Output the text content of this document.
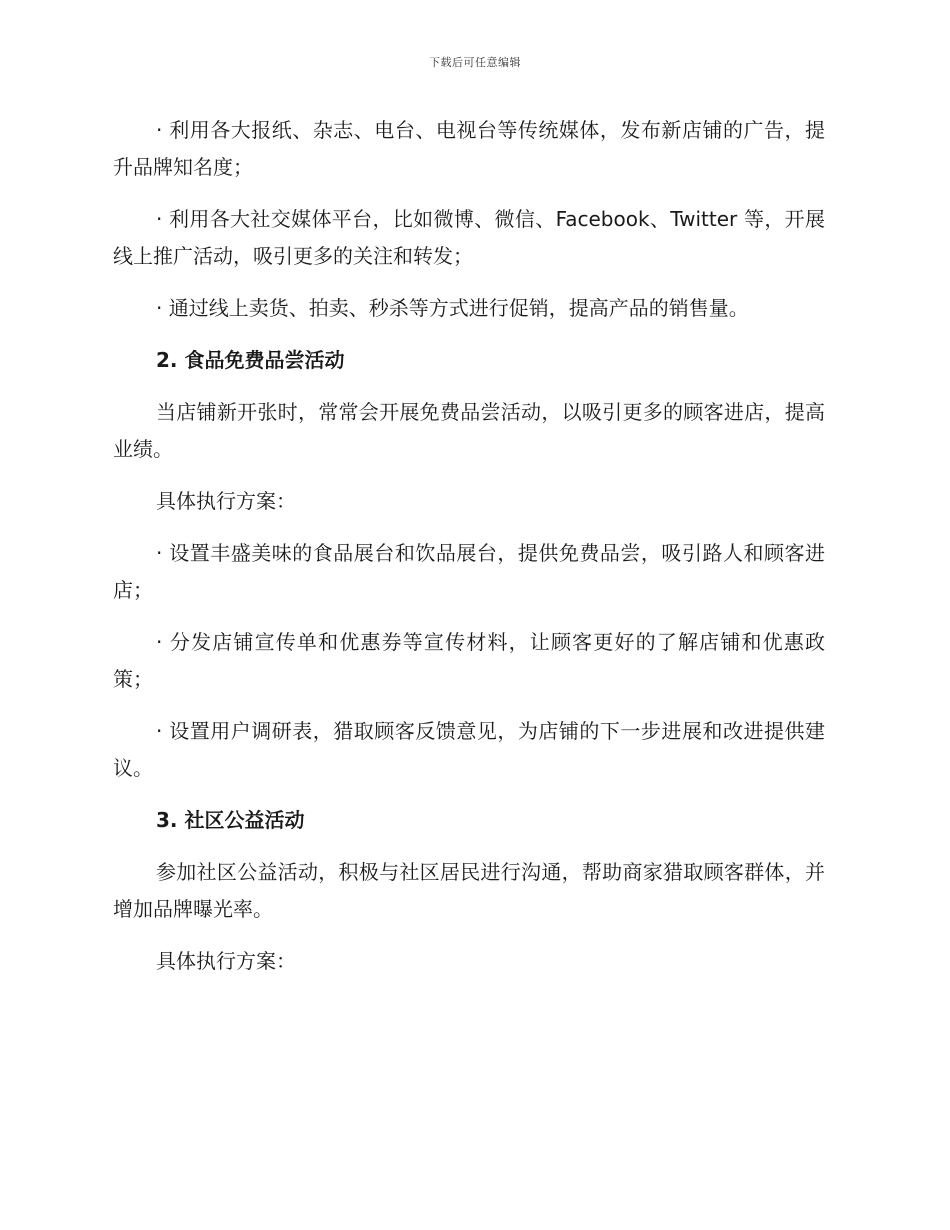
下载后可任意编辑

· 利用各大报纸、杂志、电台、电视台等传统媒体，发布新店铺的广告，提升品牌知名度；

· 利用各大社交媒体平台，比如微博、微信、Facebook、Twitter 等，开展线上推广活动，吸引更多的关注和转发；

· 通过线上卖货、拍卖、秒杀等方式进行促销，提高产品的销售量。

2. 食品免费品尝活动

当店铺新开张时，常常会开展免费品尝活动，以吸引更多的顾客进店，提高业绩。

具体执行方案：

· 设置丰盛美味的食品展台和饮品展台，提供免费品尝，吸引路人和顾客进店；

· 分发店铺宣传单和优惠券等宣传材料，让顾客更好的了解店铺和优惠政策；

· 设置用户调研表，猎取顾客反馈意见，为店铺的下一步进展和改进提供建议。

3. 社区公益活动

参加社区公益活动，积极与社区居民进行沟通，帮助商家猎取顾客群体，并增加品牌曝光率。

具体执行方案：
